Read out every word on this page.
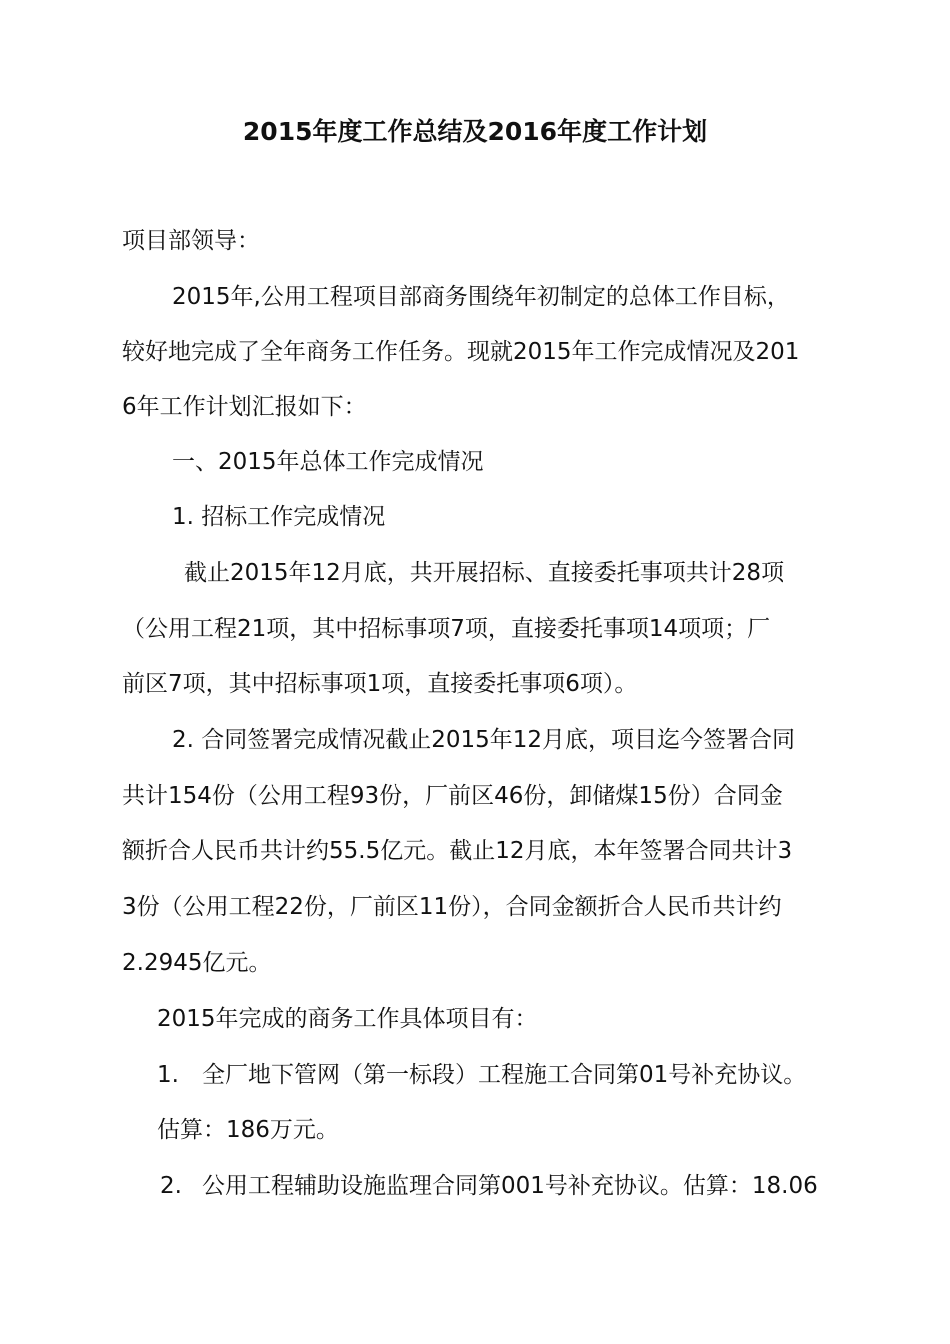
2015年度工作总结及2016年度工作计划

项目部领导：

2015年,公用工程项目部商务围绕年初制定的总体工作目标，

较好地完成了全年商务工作任务。现就2015年工作完成情况及201

6年工作计划汇报如下：

一、2015年总体工作完成情况

1. 招标工作完成情况

截止2015年12月底，共开展招标、直接委托事项共计28项

（公用工程21项，其中招标事项7项，直接委托事项14项项；厂

前区7项，其中招标事项1项，直接委托事项6项）。

2. 合同签署完成情况截止2015年12月底，项目迄今签署合同

共计154份（公用工程93份，厂前区46份，卸储煤15份）合同金

额折合人民币共计约55.5亿元。截止12月底，本年签署合同共计3

3份（公用工程22份，厂前区11份），合同金额折合人民币共计约

2.2945亿元。

2015年完成的商务工作具体项目有：

1. 全厂地下管网（第一标段）工程施工合同第01号补充协议。

估算：186万元。

2. 公用工程辅助设施监理合同第001号补充协议。估算：18.06
